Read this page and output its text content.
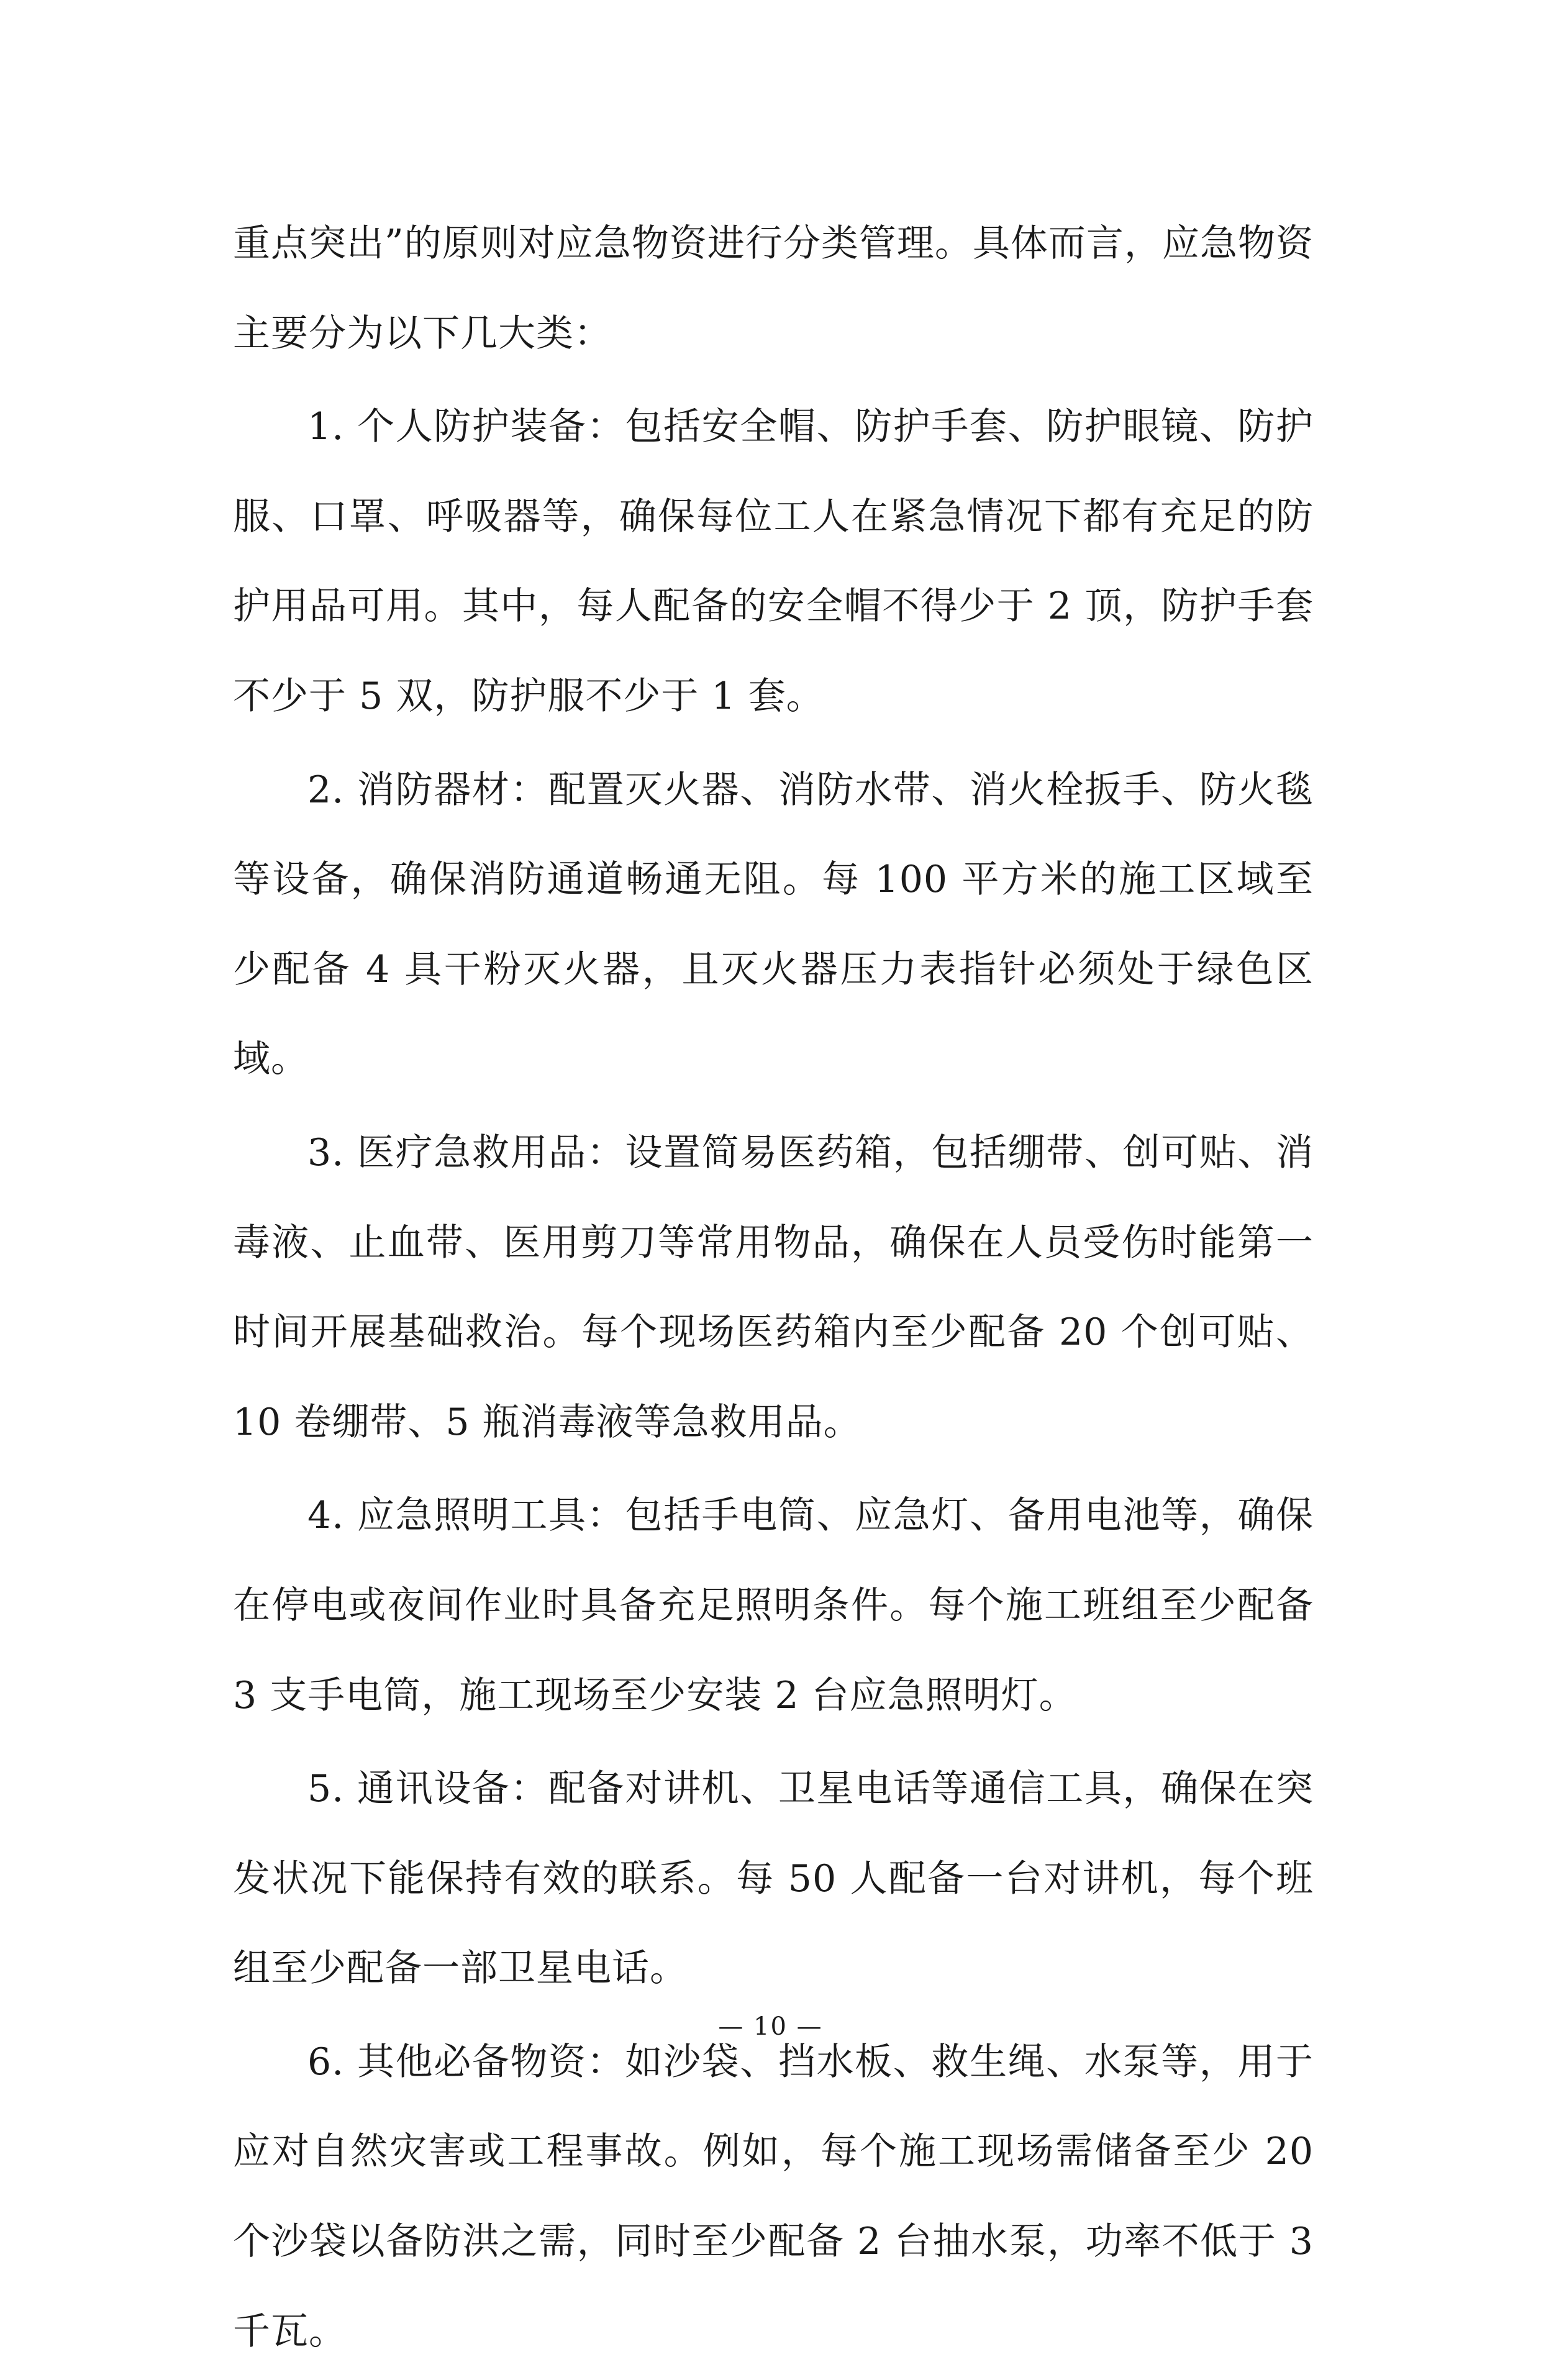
重点突出”的原则对应急物资进行分类管理。具体而言，应急物资主要分为以下几大类：

1. 个人防护装备：包括安全帽、防护手套、防护眼镜、防护服、口罩、呼吸器等，确保每位工人在紧急情况下都有充足的防护用品可用。其中，每人配备的安全帽不得少于 2 顶，防护手套不少于 5 双，防护服不少于 1 套。

2. 消防器材：配置灭火器、消防水带、消火栓扳手、防火毯等设备，确保消防通道畅通无阻。每 100 平方米的施工区域至少配备 4 具干粉灭火器，且灭火器压力表指针必须处于绿色区域。

3. 医疗急救用品：设置简易医药箱，包括绷带、创可贴、消毒液、止血带、医用剪刀等常用物品，确保在人员受伤时能第一时间开展基础救治。每个现场医药箱内至少配备 20 个创可贴、10 卷绷带、5 瓶消毒液等急救用品。

4. 应急照明工具：包括手电筒、应急灯、备用电池等，确保在停电或夜间作业时具备充足照明条件。每个施工班组至少配备 3 支手电筒，施工现场至少安装 2 台应急照明灯。

5. 通讯设备：配备对讲机、卫星电话等通信工具，确保在突发状况下能保持有效的联系。每 50 人配备一台对讲机，每个班组至少配备一部卫星电话。

6. 其他必备物资：如沙袋、挡水板、救生绳、水泵等，用于应对自然灾害或工程事故。例如，每个施工现场需储备至少 20 个沙袋以备防洪之需，同时至少配备 2 台抽水泵，功率不低于 3 千瓦。

— 10 —
